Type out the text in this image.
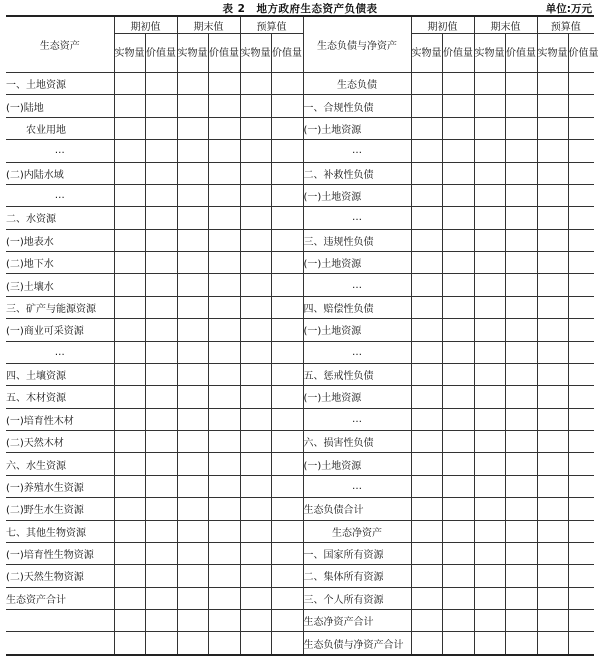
表 2　地方政府生态资产负债表	单位:万元
生态资产	期初值		期末值		预算值		生态负债与净资产	期初值		期末值		预算值	
	实物量	价值量	实物量	价值量	实物量	价值量		实物量	价值量	实物量	价值量	实物量	价值量
一、土地资源							生态负债						
(一)陆地							一、合规性负债						
农业用地							(一)土地资源						
…							…						
(二)内陆水域							二、补救性负债						
…							(一)土地资源						
二、水资源							…						
(一)地表水							三、违规性负债						
(二)地下水							(一)土地资源						
(三)土壤水							…						
三、矿产与能源资源							四、赔偿性负债						
(一)商业可采资源							(一)土地资源						
…							…						
四、土壤资源							五、惩戒性负债						
五、木材资源							(一)土地资源						
(一)培育性木材							…						
(二)天然木材							六、损害性负债						
六、水生资源							(一)土地资源						
(一)养殖水生资源							…						
(二)野生水生资源							生态负债合计						
七、其他生物资源							生态净资产						
(一)培育性生物资源							一、国家所有资源						
(二)天然生物资源							二、集体所有资源						
生态资产合计							三、个人所有资源						
							生态净资产合计						
							生态负债与净资产合计						
